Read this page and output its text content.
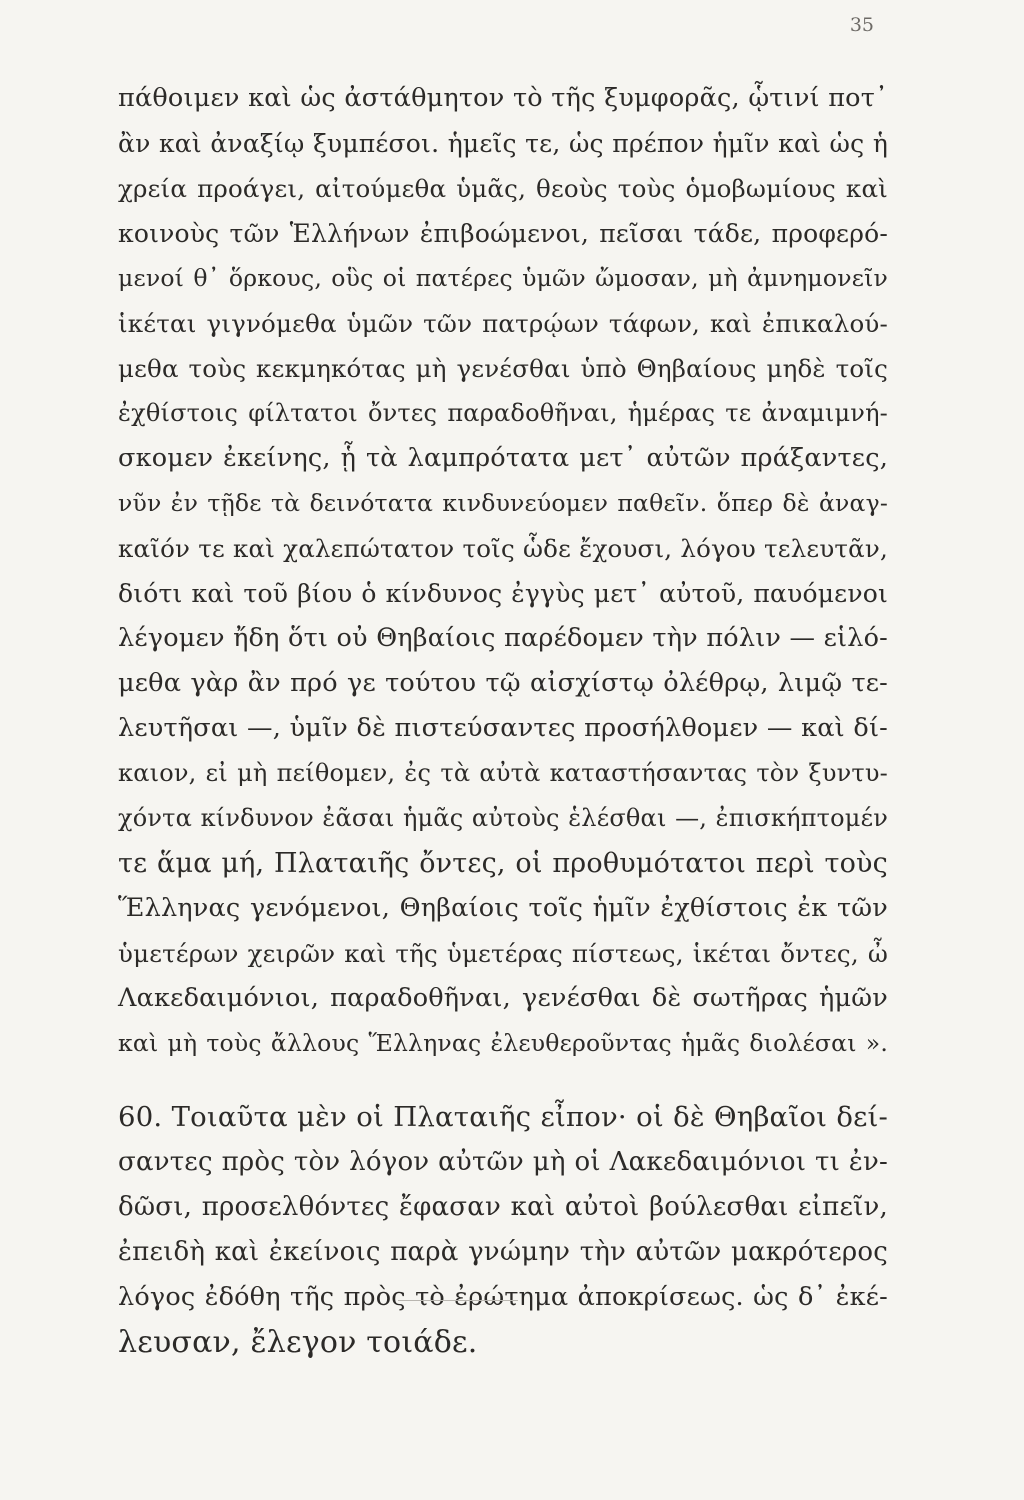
35
πάθοιμεν καὶ ὡς ἀστάθμητον τὸ τῆς ξυμφορᾶς, ᾧτινί ποτ᾽
ἂν καὶ ἀναξίῳ ξυμπέσοι. ἡμεῖς τε, ὡς πρέπον ἡμῖν καὶ ὡς ἡ
χρεία προάγει, αἰτούμεθα ὑμᾶς, θεοὺς τοὺς ὁμοβωμίους καὶ
κοινοὺς τῶν Ἑλλήνων ἐπιβοώμενοι, πεῖσαι τάδε, προφερό-
μενοί θ᾽ ὅρκους, οὓς οἱ πατέρες ὑμῶν ὤμοσαν, μὴ ἀμνημονεῖν
ἱκέται γιγνόμεθα ὑμῶν τῶν πατρῴων τάφων, καὶ ἐπικαλού-
μεθα τοὺς κεκμηκότας μὴ γενέσθαι ὑπὸ Θηβαίους μηδὲ τοῖς
ἐχθίστοις φίλτατοι ὄντες παραδοθῆναι, ἡμέρας τε ἀναμιμνή-
σκομεν ἐκείνης, ᾗ τὰ λαμπρότατα μετ᾽ αὐτῶν πράξαντες,
νῦν ἐν τῇδε τὰ δεινότατα κινδυνεύομεν παθεῖν. ὅπερ δὲ ἀναγ-
καῖόν τε καὶ χαλεπώτατον τοῖς ὧδε ἔχουσι, λόγου τελευτᾶν,
διότι καὶ τοῦ βίου ὁ κίνδυνος ἐγγὺς μετ᾽ αὐτοῦ, παυόμενοι
λέγομεν ἤδη ὅτι οὐ Θηβαίοις παρέδομεν τὴν πόλιν — εἱλό-
μεθα γὰρ ἂν πρό γε τούτου τῷ αἰσχίστῳ ὀλέθρῳ, λιμῷ τε-
λευτῆσαι —, ὑμῖν δὲ πιστεύσαντες προσήλθομεν — καὶ δί-
καιον, εἰ μὴ πείθομεν, ἐς τὰ αὐτὰ καταστήσαντας τὸν ξυντυ-
χόντα κίνδυνον ἐᾶσαι ἡμᾶς αὐτοὺς ἑλέσθαι —, ἐπισκήπτομέν
τε ἅμα μή, Πλαταιῆς ὄντες, οἱ προθυμότατοι περὶ τοὺς
Ἕλληνας γενόμενοι, Θηβαίοις τοῖς ἡμῖν ἐχθίστοις ἐκ τῶν
ὑμετέρων χειρῶν καὶ τῆς ὑμετέρας πίστεως, ἱκέται ὄντες, ὦ
Λακεδαιμόνιοι, παραδοθῆναι, γενέσθαι δὲ σωτῆρας ἡμῶν
καὶ μὴ τοὺς ἄλλους Ἕλληνας ἐλευθεροῦντας ἡμᾶς διολέσαι ».
60. Τοιαῦτα μὲν οἱ Πλαταιῆς εἶπον· οἱ δὲ Θηβαῖοι δεί-
σαντες πρὸς τὸν λόγον αὐτῶν μὴ οἱ Λακεδαιμόνιοι τι ἐν-
δῶσι, προσελθόντες ἔφασαν καὶ αὐτοὶ βούλεσθαι εἰπεῖν,
ἐπειδὴ καὶ ἐκείνοις παρὰ γνώμην τὴν αὐτῶν μακρότερος
λόγος ἐδόθη τῆς πρὸς τὸ ἐρώτημα ἀποκρίσεως. ὡς δ᾽ ἐκέ-
λευσαν, ἔλεγον τοιάδε.
